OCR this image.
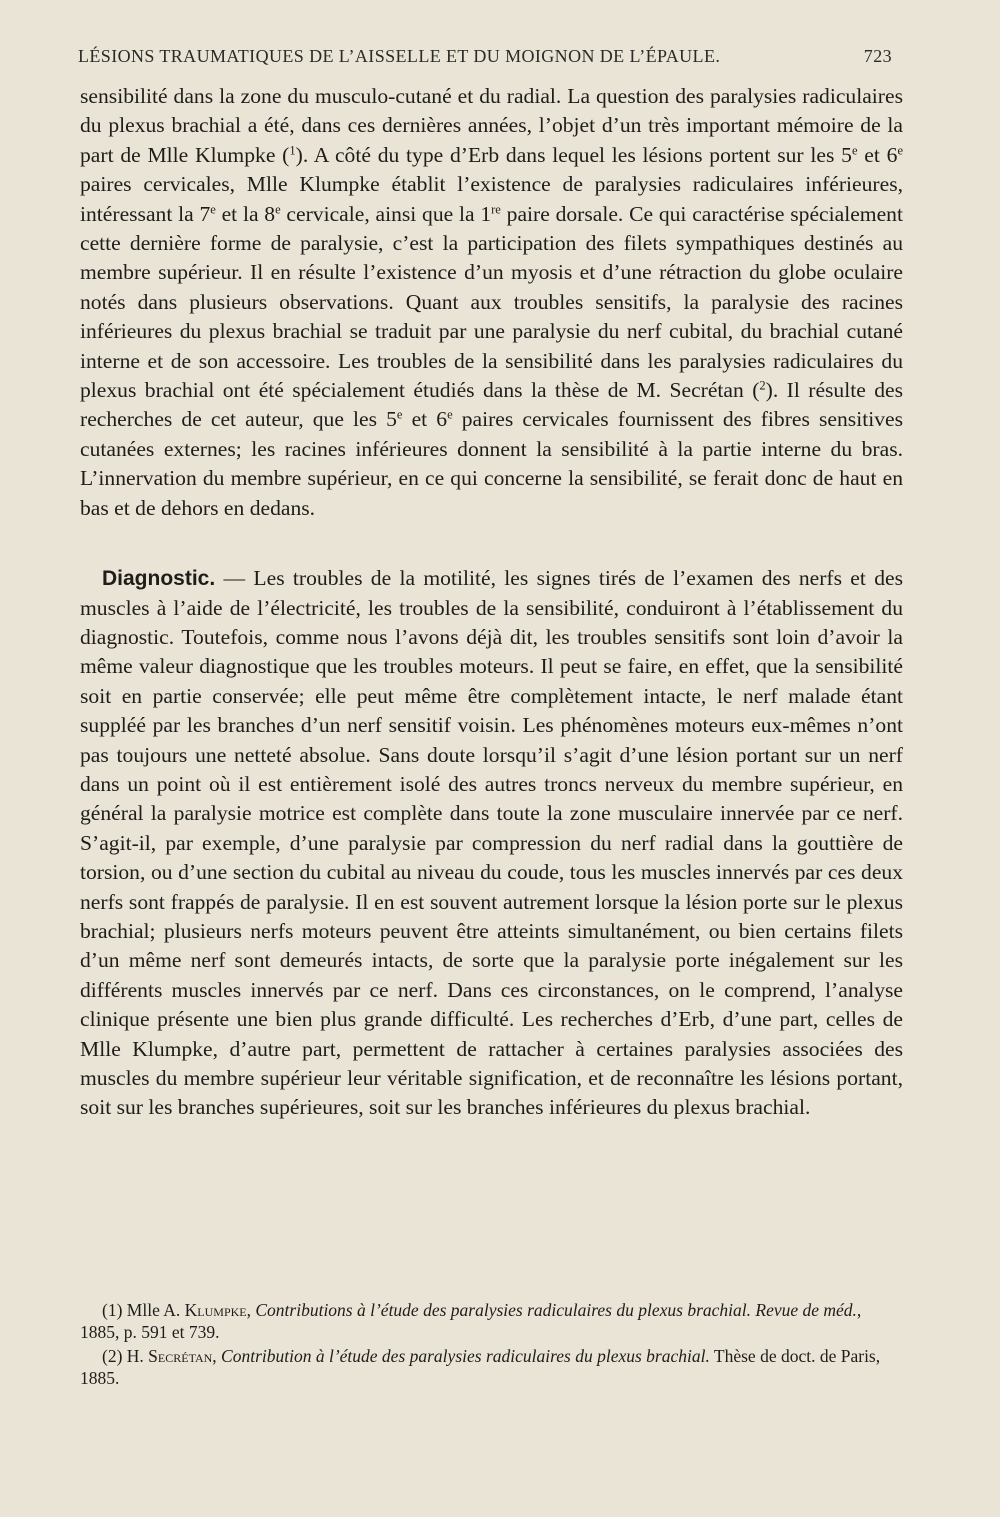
LÉSIONS TRAUMATIQUES DE L’AISSELLE ET DU MOIGNON DE L’ÉPAULE.	723

sensibilité dans la zone du musculo-cutané et du radial. La question des paralysies radiculaires du plexus brachial a été, dans ces dernières années, l’objet d’un très important mémoire de la part de Mlle Klumpke ($^1$). A côté du type d’Erb dans lequel les lésions portent sur les 5e et 6e paires cervicales, Mlle Klumpke établit l’existence de paralysies radiculaires inférieures, intéressant la 7e et la 8e cervicale, ainsi que la 1re paire dorsale. Ce qui caractérise spécialement cette dernière forme de paralysie, c’est la participation des filets sympathiques destinés au membre supérieur. Il en résulte l’existence d’un myosis et d’une rétraction du globe oculaire notés dans plusieurs observations. Quant aux troubles sensitifs, la paralysie des racines inférieures du plexus brachial se traduit par une paralysie du nerf cubital, du brachial cutané interne et de son accessoire. Les troubles de la sensibilité dans les paralysies radiculaires du plexus brachial ont été spécialement étudiés dans la thèse de M. Secrétan ($^2$). Il résulte des recherches de cet auteur, que les 5e et 6e paires cervicales fournissent des fibres sensitives cutanées externes; les racines inférieures donnent la sensibilité à la partie interne du bras. L’innervation du membre supérieur, en ce qui concerne la sensibilité, se ferait donc de haut en bas et de dehors en dedans.

Diagnostic. — Les troubles de la motilité, les signes tirés de l’examen des nerfs et des muscles à l’aide de l’électricité, les troubles de la sensibilité, conduiront à l’établissement du diagnostic. Toutefois, comme nous l’avons déjà dit, les troubles sensitifs sont loin d’avoir la même valeur diagnostique que les troubles moteurs. Il peut se faire, en effet, que la sensibilité soit en partie conservée; elle peut même être complètement intacte, le nerf malade étant suppléé par les branches d’un nerf sensitif voisin. Les phénomènes moteurs eux-mêmes n’ont pas toujours une netteté absolue. Sans doute lorsqu’il s’agit d’une lésion portant sur un nerf dans un point où il est entièrement isolé des autres troncs nerveux du membre supérieur, en général la paralysie motrice est complète dans toute la zone musculaire innervée par ce nerf. S’agit-il, par exemple, d’une paralysie par compression du nerf radial dans la gouttière de torsion, ou d’une section du cubital au niveau du coude, tous les muscles innervés par ces deux nerfs sont frappés de paralysie. Il en est souvent autrement lorsque la lésion porte sur le plexus brachial; plusieurs nerfs moteurs peuvent être atteints simultanément, ou bien certains filets d’un même nerf sont demeurés intacts, de sorte que la paralysie porte inégalement sur les différents muscles innervés par ce nerf. Dans ces circonstances, on le comprend, l’analyse clinique présente une bien plus grande difficulté. Les recherches d’Erb, d’une part, celles de Mlle Klumpke, d’autre part, permettent de rattacher à certaines paralysies associées des muscles du membre supérieur leur véritable signification, et de reconnaître les lésions portant, soit sur les branches supérieures, soit sur les branches inférieures du plexus brachial.

(1) Mlle A. Klumpke, Contributions à l’étude des paralysies radiculaires du plexus brachial. Revue de méd., 1885, p. 591 et 739.

(2) H. Secrétan, Contribution à l’étude des paralysies radiculaires du plexus brachial. Thèse de doct. de Paris, 1885.
